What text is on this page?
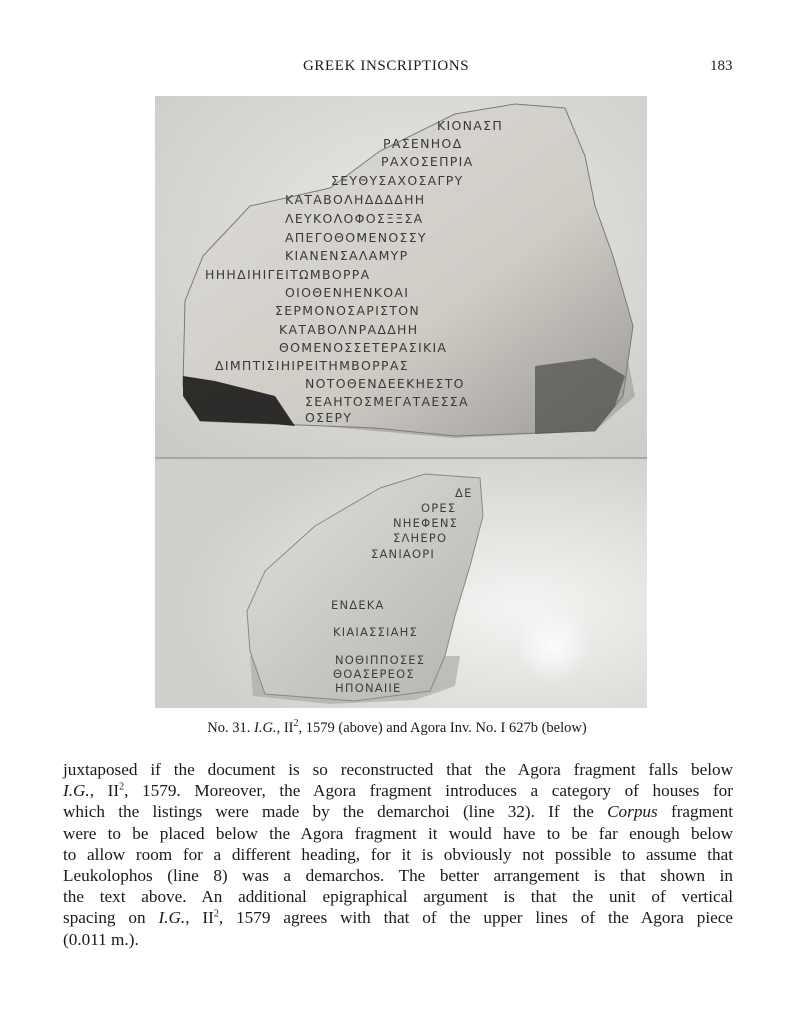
GREEK INSCRIPTIONS	183
ΚΙΟΝΑΣΠ
ΡΑΣΕΝΗΟΔ
ΡΑΧΟΣΕΠΡΙΑ
ΣΕΥΘΥΣΑΧΟΣΑΓΡΥ
ΚΑΤΑΒΟΛΗΔΔΔΔΗΗ
ΛΕΥΚΟΛΟΦΟΣΞΞΣΑ
ΑΠΕΓΟΘΟΜΕΝΟΣΣΥ
ΚΙΑΝΕΝΣΑΛΑΜΥΡ
ΗΗΗΔΙΗΙΓΕΙΤΩΜΒΟΡΡΑ
ΟΙΟΘΕΝΗΕΝΚΟΑΙ
ΣΕΡΜΟΝΟΣΑΡΙΣΤΟΝ
ΚΑΤΑΒΟΛΝΡΑΔΔΗΗ
ΘΟΜΕΝΟΣΣΕΤΕΡΑΣΙΚΙΑ
ΔΙΜΠΤΙΣΙΗΙΡΕΙΤΗΜΒΟΡΡΑΣ
ΝΟΤΟΘΕΝΔΕΕΚΗΕΣΤΟ
ΣΕΑΗΤΟΣΜΕΓΑΤΑΕΣΣΑ
ΟΣΕΡΥ
ΔΕ
ΟΡΕΣ
ΝΗΕΦΕΝΣ
ΣΛΗΕΡΟ
ΣΑΝΙΑΟΡΙ
ΕΝΔΕΚΑ
ΚΙΑΙΑΣΣΙΑΗΣ
ΝΟΘΙΠΠΟΣΕΣ
ΘΟΑΣΕΡΕΟΣ
ΗΠΟΝΑΙΙΕ
No. 31. I.G., $II^2$, 1579 (above) and Agora Inv. No. I 627b (below)
juxtaposed if the document is so reconstructed that the Agora fragment falls below
I.G., $II^2$, 1579. Moreover, the Agora fragment introduces a category of houses for
which the listings were made by the demarchoi (line 32). If the Corpus fragment
were to be placed below the Agora fragment it would have to be far enough below
to allow room for a different heading, for it is obviously not possible to assume that
Leukolophos (line 8) was a demarchos. The better arrangement is that shown in
the text above. An additional epigraphical argument is that the unit of vertical
spacing on I.G., $II^2$, 1579 agrees with that of the upper lines of the Agora piece
(0.011 m.).
